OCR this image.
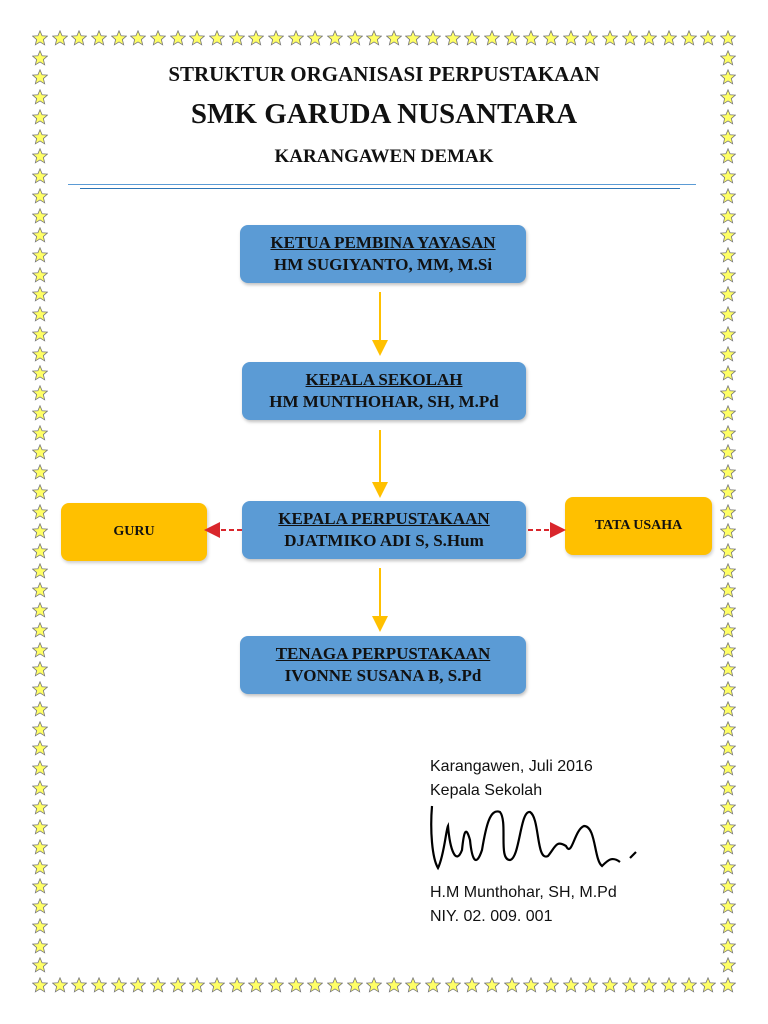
STRUKTUR ORGANISASI PERPUSTAKAAN
SMK GARUDA NUSANTARA
KARANGAWEN DEMAK
KETUA PEMBINA YAYASAN
HM SUGIYANTO, MM, M.Si
KEPALA SEKOLAH
HM MUNTHOHAR, SH, M.Pd
KEPALA PERPUSTAKAAN
DJATMIKO ADI S, S.Hum
TENAGA PERPUSTAKAAN
IVONNE SUSANA B, S.Pd
GURU	TATA USAHA
Karangawen, Juli 2016
Kepala Sekolah
H.M Munthohar, SH, M.Pd
NIY. 02. 009. 001
